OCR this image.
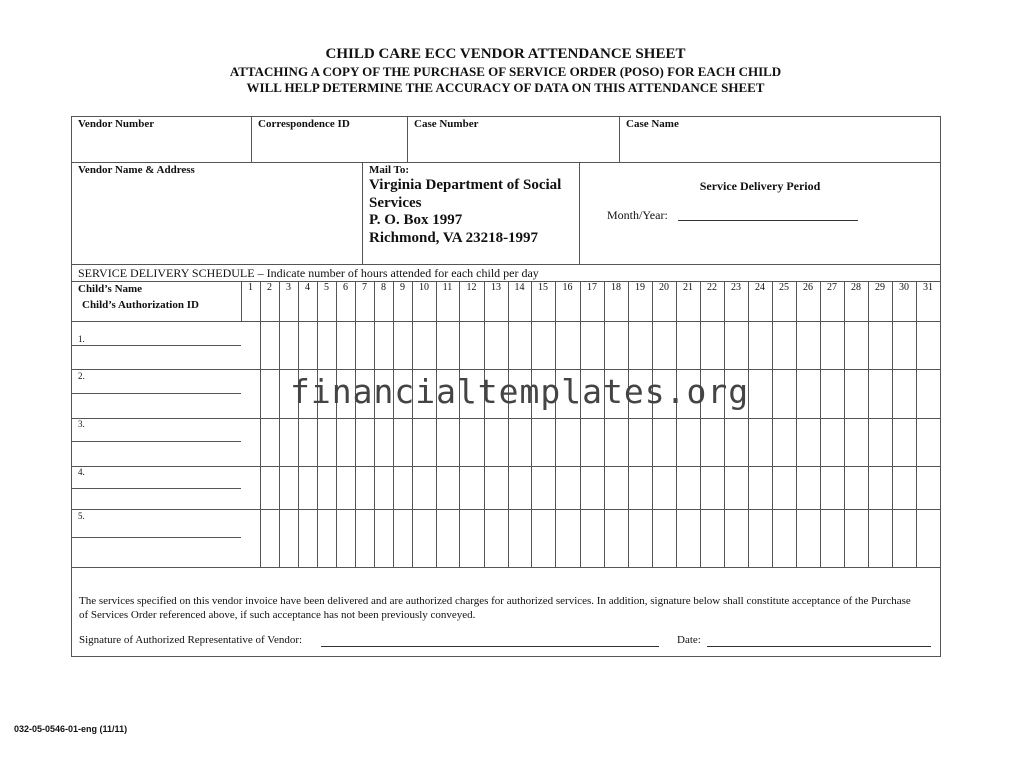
CHILD CARE ECC VENDOR ATTENDANCE SHEET
ATTACHING A COPY OF THE PURCHASE OF SERVICE ORDER (POSO) FOR EACH CHILD
WILL HELP DETERMINE THE ACCURACY OF DATA ON THIS ATTENDANCE SHEET
Vendor Number	Correspondence ID	Case Number	Case Name
Vendor Name & Address	Mail To:
Virginia Department of Social
Services
P. O. Box 1997
Richmond, VA 23218-1997
Service Delivery Period
Month/Year:
SERVICE DELIVERY SCHEDULE – Indicate number of hours attended for each child per day
Child’s Name
Child’s Authorization ID
1	2	3	4	5	6	7	8	9	10	11	12	13	14	15	16	17	18	19	20	21	22	23	24	25	26	27	28	29	30	31
1.
2.
3.
4.
5.
financialtemplates.org
The services specified on this vendor invoice have been delivered and are authorized charges for authorized services. In addition, signature below shall constitute acceptance of the Purchase of Services Order referenced above, if such acceptance has not been previously conveyed.
Signature of Authorized Representative of Vendor:	Date:
032-05-0546-01-eng (11/11)
